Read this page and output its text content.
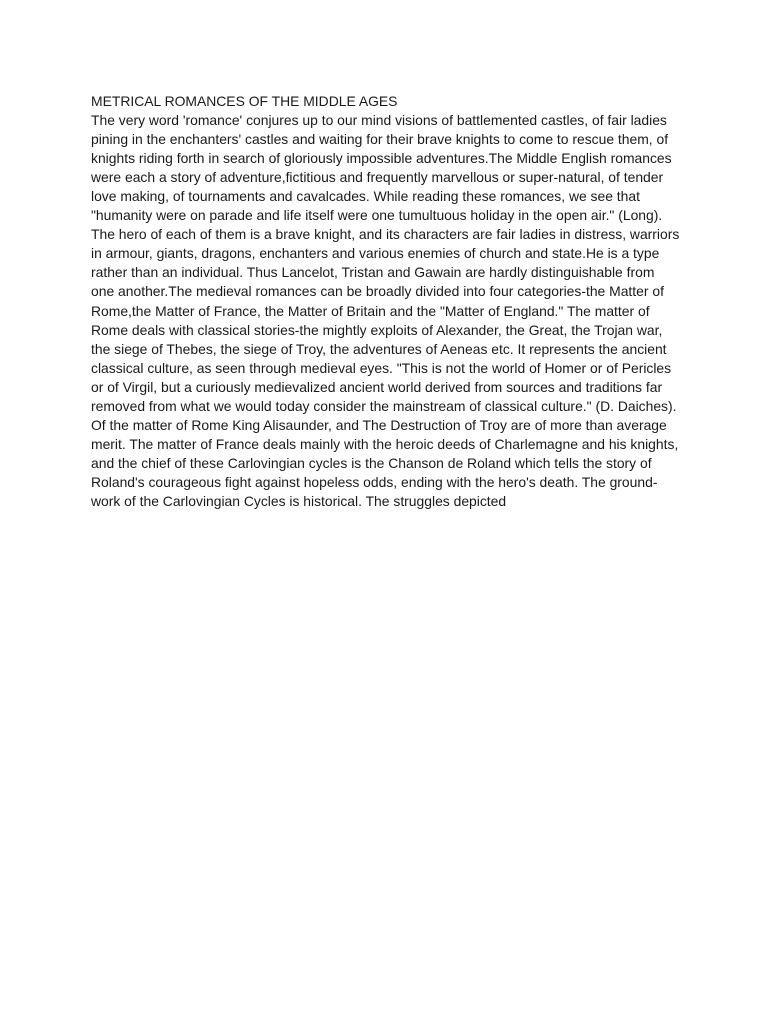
METRICAL ROMANCES OF THE MIDDLE AGES
The very word 'romance' conjures up to our mind visions of battlemented castles, of fair ladies
pining in the enchanters' castles and waiting for their brave knights to come to rescue them, of
knights riding forth in search of gloriously impossible adventures.The Middle English romances
were each a story of adventure,fictitious and frequently marvellous or super-natural, of tender
love making, of tournaments and cavalcades. While reading these romances, we see that
"humanity were on parade and life itself were one tumultuous holiday in the open air." (Long).
The hero of each of them is a brave knight, and its characters are fair ladies in distress, warriors
in armour, giants, dragons, enchanters and various enemies of church and state.He is a type
rather than an individual. Thus Lancelot, Tristan and Gawain are hardly distinguishable from
one another.The medieval romances can be broadly divided into four categories-the Matter of
Rome,the Matter of France, the Matter of Britain and the "Matter of England." The matter of
Rome deals with classical stories-the mightly exploits of Alexander, the Great, the Trojan war,
the siege of Thebes, the siege of Troy, the adventures of Aeneas etc. It represents the ancient
classical culture, as seen through medieval eyes. "This is not the world of Homer or of Pericles
or of Virgil, but a curiously medievalized ancient world derived from sources and traditions far
removed from what we would today consider the mainstream of classical culture." (D. Daiches).
Of the matter of Rome King Alisaunder, and The Destruction of Troy are of more than average
merit. The matter of France deals mainly with the heroic deeds of Charlemagne and his knights,
and the chief of these Carlovingian cycles is the Chanson de Roland which tells the story of
Roland's courageous fight against hopeless odds, ending with the hero's death. The ground-
work of the Carlovingian Cycles is historical. The struggles depicted
